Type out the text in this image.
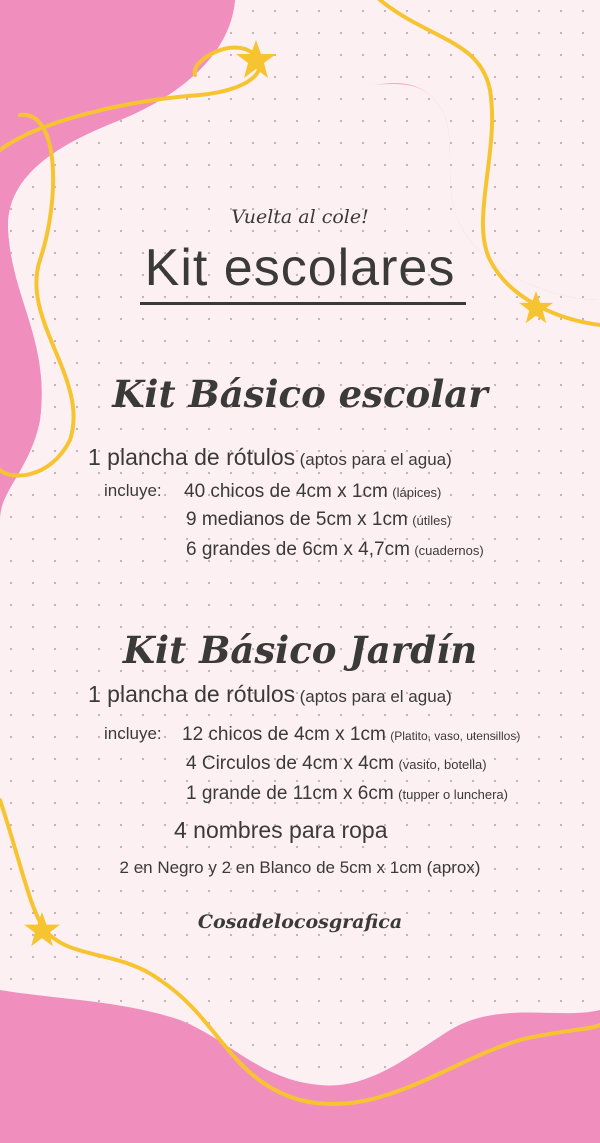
Vuelta al cole!
Kit escolares
Kit Básico escolar
1 plancha de rótulos (aptos para el agua)
incluye: 40 chicos de 4cm x 1cm (lápices)
9 medianos de 5cm x 1cm (útiles)
6 grandes de 6cm x 4,7cm (cuadernos)
Kit Básico Jardín
1 plancha de rótulos (aptos para el agua)
incluye: 12 chicos de 4cm x 1cm (Platito, vaso, utensillos)
4 Circulos de 4cm x 4cm (vasito, botella)
1 grande de 11cm x 6cm (tupper o lunchera)
4 nombres para ropa
2 en Negro y 2 en Blanco de 5cm x 1cm (aprox)
Cosadelocosgrafica
